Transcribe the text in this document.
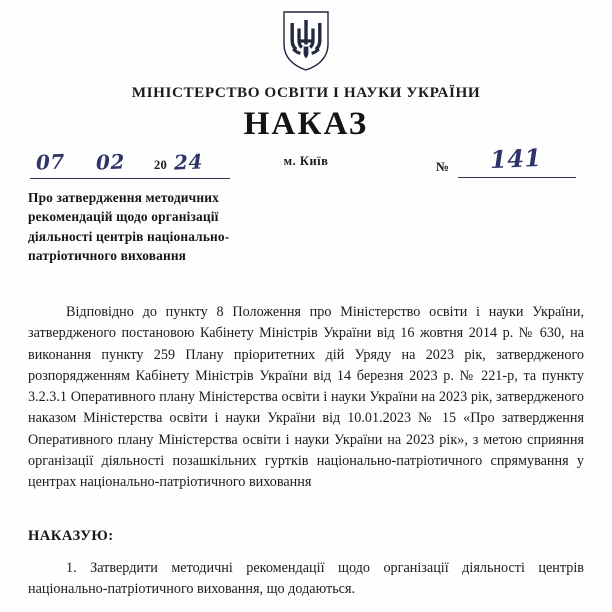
МІНІСТЕРСТВО ОСВІТИ І НАУКИ УКРАЇНИ
НАКАЗ
07 02 20 24	м. Київ	№ 141
Про затвердження методичних рекомендацій щодо організації діяльності центрів національно-патріотичного виховання

Відповідно до пункту 8 Положення про Міністерство освіти і науки України, затвердженого постановою Кабінету Міністрів України від 16 жовтня 2014 р. № 630, на виконання пункту 259 Плану пріоритетних дій Уряду на 2023 рік, затвердженого розпорядженням Кабінету Міністрів України від 14 березня 2023 р. № 221-р, та пункту 3.2.3.1 Оперативного плану Міністерства освіти і науки України на 2023 рік, затвердженого наказом Міністерства освіти і науки України від 10.01.2023 № 15 «Про затвердження Оперативного плану Міністерства освіти і науки України на 2023 рік», з метою сприяння організації діяльності позашкільних гуртків національно-патріотичного спрямування у центрах національно-патріотичного виховання

НАКАЗУЮ:

1. Затвердити методичні рекомендації щодо організації діяльності центрів національно-патріотичного виховання, що додаються.
